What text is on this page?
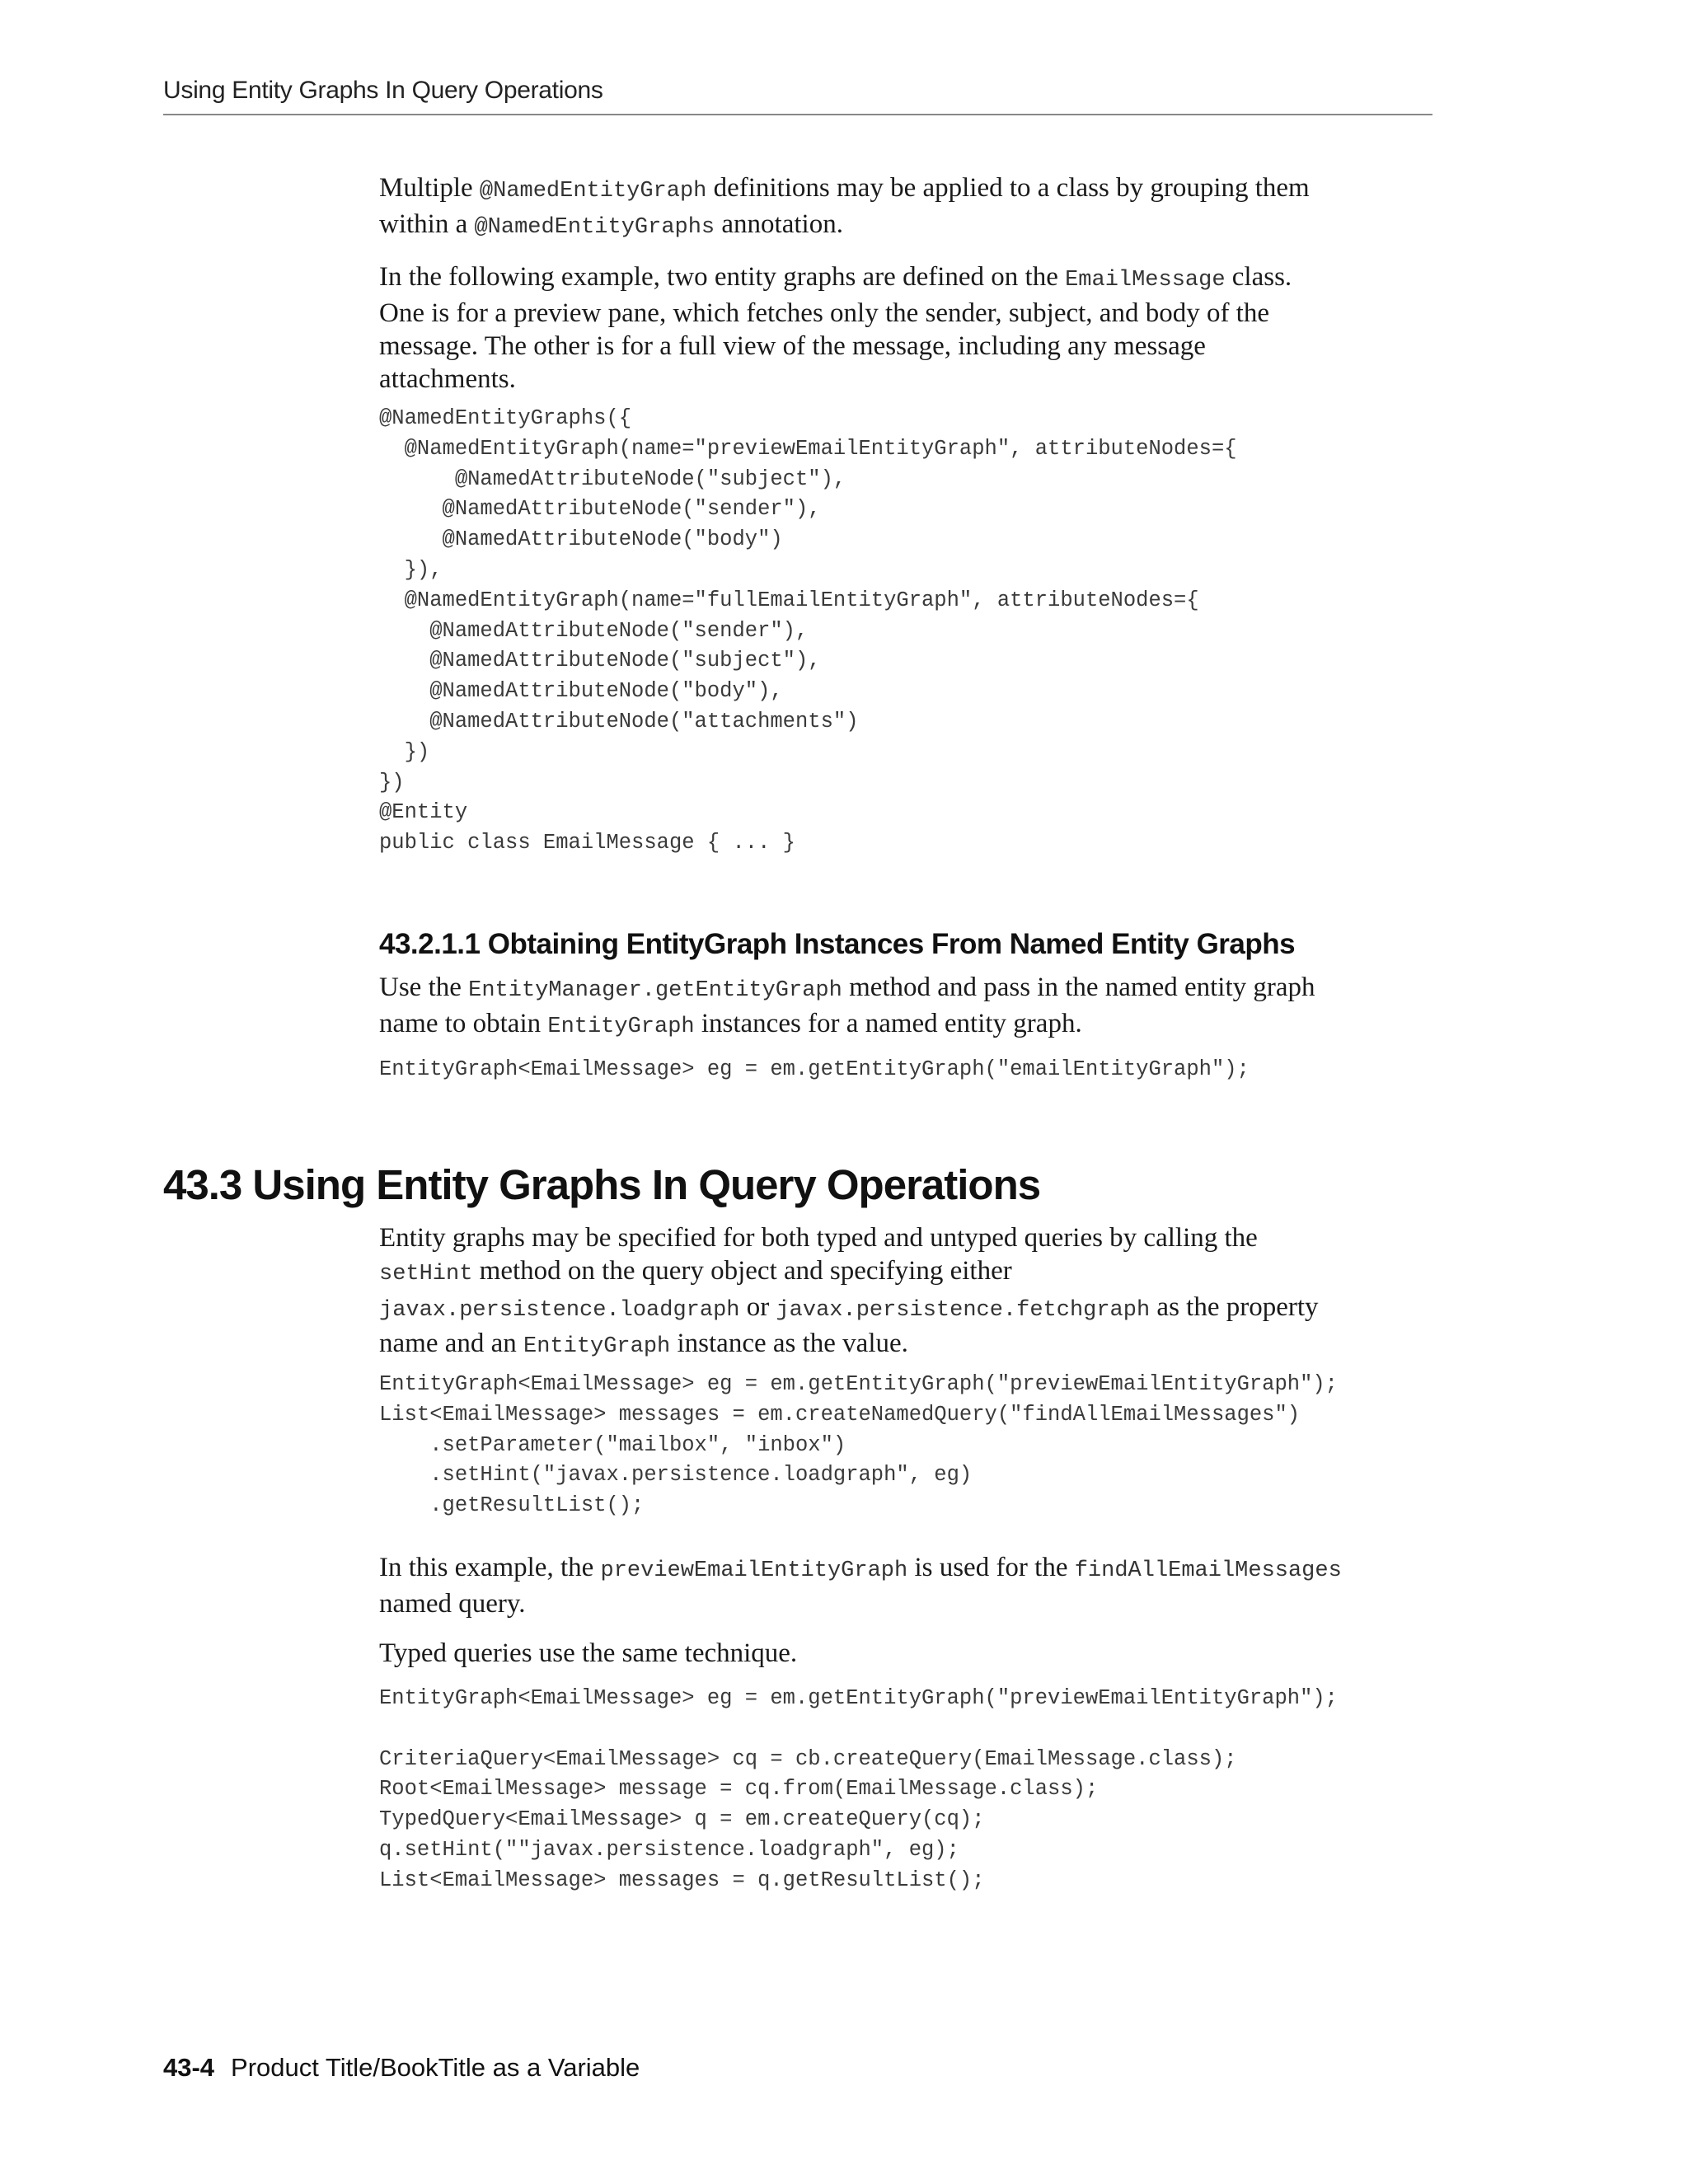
Using Entity Graphs In Query Operations

Multiple @NamedEntityGraph definitions may be applied to a class by grouping them
within a @NamedEntityGraphs annotation.

In the following example, two entity graphs are defined on the EmailMessage class.
One is for a preview pane, which fetches only the sender, subject, and body of the
message. The other is for a full view of the message, including any message
attachments.

@NamedEntityGraphs({
@NamedEntityGraph(name="previewEmailEntityGraph", attributeNodes={
@NamedAttributeNode("subject"),
@NamedAttributeNode("sender"),
@NamedAttributeNode("body")
}),
@NamedEntityGraph(name="fullEmailEntityGraph", attributeNodes={
@NamedAttributeNode("sender"),
@NamedAttributeNode("subject"),
@NamedAttributeNode("body"),
@NamedAttributeNode("attachments")
})
})
@Entity
public class EmailMessage { ... }
43.2.1.1 Obtaining EntityGraph Instances From Named Entity Graphs

Use the EntityManager.getEntityGraph method and pass in the named entity graph
name to obtain EntityGraph instances for a named entity graph.

EntityGraph<EmailMessage> eg = em.getEntityGraph("emailEntityGraph");
43.3 Using Entity Graphs In Query Operations

Entity graphs may be specified for both typed and untyped queries by calling the
setHint method on the query object and specifying either
javax.persistence.loadgraph or javax.persistence.fetchgraph as the property
name and an EntityGraph instance as the value.

EntityGraph<EmailMessage> eg = em.getEntityGraph("previewEmailEntityGraph");
List<EmailMessage> messages = em.createNamedQuery("findAllEmailMessages")
.setParameter("mailbox", "inbox")
.setHint("javax.persistence.loadgraph", eg)
.getResultList();

In this example, the previewEmailEntityGraph is used for the findAllEmailMessages
named query.

Typed queries use the same technique.

EntityGraph<EmailMessage> eg = em.getEntityGraph("previewEmailEntityGraph");

CriteriaQuery<EmailMessage> cq = cb.createQuery(EmailMessage.class);
Root<EmailMessage> message = cq.from(EmailMessage.class);
TypedQuery<EmailMessage> q = em.createQuery(cq);
q.setHint(""javax.persistence.loadgraph", eg);
List<EmailMessage> messages = q.getResultList();
43-4 Product Title/BookTitle as a Variable
